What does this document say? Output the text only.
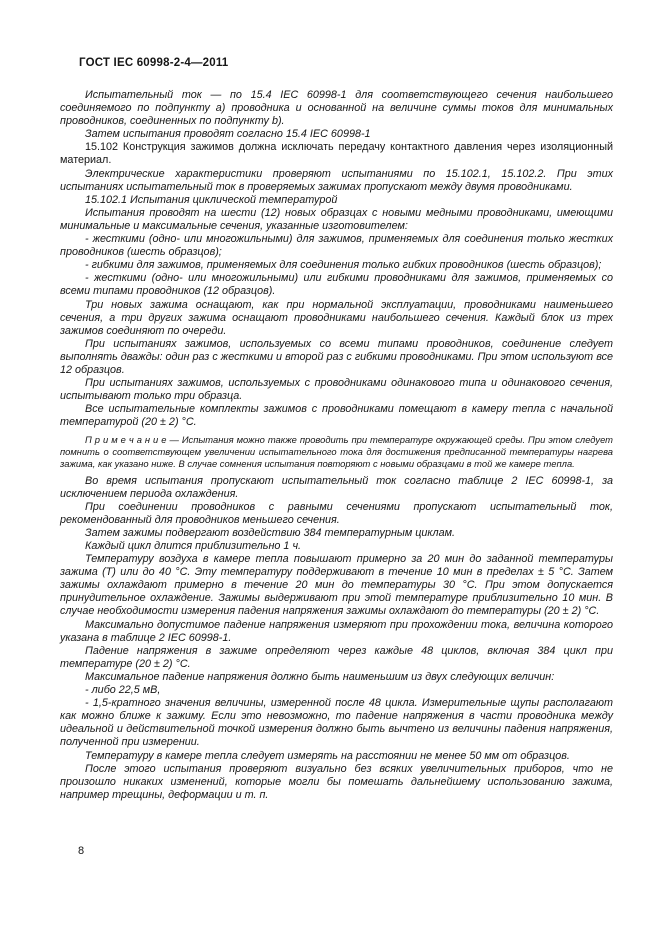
ГОСТ IEC 60998-2-4—2011

Испытательный ток — по 15.4 IEC 60998-1 для соответствующего сечения наибольшего соединяемого по подпункту a) проводника и основанной на величине суммы токов для минимальных проводников, соединенных по подпункту b).

Затем испытания проводят согласно 15.4 IEC 60998-1

15.102 Конструкция зажимов должна исключать передачу контактного давления через изоляционный материал.

Электрические характеристики проверяют испытаниями по 15.102.1, 15.102.2. При этих испытаниях испытательный ток в проверяемых зажимах пропускают между двумя проводниками.

15.102.1 Испытания циклической температурой

Испытания проводят на шести (12) новых образцах с новыми медными проводниками, имеющими минимальные и максимальные сечения, указанные изготовителем:

- жесткими (одно- или многожильными) для зажимов, применяемых для соединения только жестких проводников (шесть образцов);

- гибкими для зажимов, применяемых для соединения только гибких проводников (шесть образцов);

- жесткими (одно- или многожильными) или гибкими проводниками для зажимов, применяемых со всеми типами проводников (12 образцов).

Три новых зажима оснащают, как при нормальной эксплуатации, проводниками наименьшего сечения, а три других зажима оснащают проводниками наибольшего сечения. Каждый блок из трех зажимов соединяют по очереди.

При испытаниях зажимов, используемых со всеми типами проводников, соединение следует выполнять дважды: один раз с жесткими и второй раз с гибкими проводниками. При этом используют все 12 образцов.

При испытаниях зажимов, используемых с проводниками одинакового типа и одинакового сечения, испытывают только три образца.

Все испытательные комплекты зажимов с проводниками помещают в камеру тепла с начальной температурой (20 ± 2) °C.

П р и м е ч а н и е — Испытания можно также проводить при температуре окружающей среды. При этом следует помнить о соответствующем увеличении испытательного тока для достижения предписанной температуры нагрева зажима, как указано ниже. В случае сомнения испытания повторяют с новыми образцами в той же камере тепла.

Во время испытания пропускают испытательный ток согласно таблице 2 IEC 60998-1, за исключением периода охлаждения.

При соединении проводников с равными сечениями пропускают испытательный ток, рекомендованный для проводников меньшего сечения.

Затем зажимы подвергают воздействию 384 температурным циклам.

Каждый цикл длится приблизительно 1 ч.

Температуру воздуха в камере тепла повышают примерно за 20 мин до заданной температуры зажима (Т) или до 40 °C. Эту температуру поддерживают в течение 10 мин в пределах ± 5 °C. Затем зажимы охлаждают примерно в течение 20 мин до температуры 30 °C. При этом допускается принудительное охлаждение. Зажимы выдерживают при этой температуре приблизительно 10 мин. В случае необходимости измерения падения напряжения зажимы охлаждают до температуры (20 ± 2) °C.

Максимально допустимое падение напряжения измеряют при прохождении тока, величина которого указана в таблице 2 IEC 60998-1.

Падение напряжения в зажиме определяют через каждые 48 циклов, включая 384 цикл при температуре (20 ± 2) °C.

Максимальное падение напряжения должно быть наименьшим из двух следующих величин:

- либо 22,5 мВ,

- 1,5-кратного значения величины, измеренной после 48 цикла. Измерительные щупы располагают как можно ближе к зажиму. Если это невозможно, то падение напряжения в части проводника между идеальной и действительной точкой измерения должно быть вычтено из величины падения напряжения, полученной при измерении.

Температуру в камере тепла следует измерять на расстоянии не менее 50 мм от образцов.

После этого испытания проверяют визуально без всяких увеличительных приборов, что не произошло никаких изменений, которые могли бы помешать дальнейшему использованию зажима, например трещины, деформации и т. п.

8
